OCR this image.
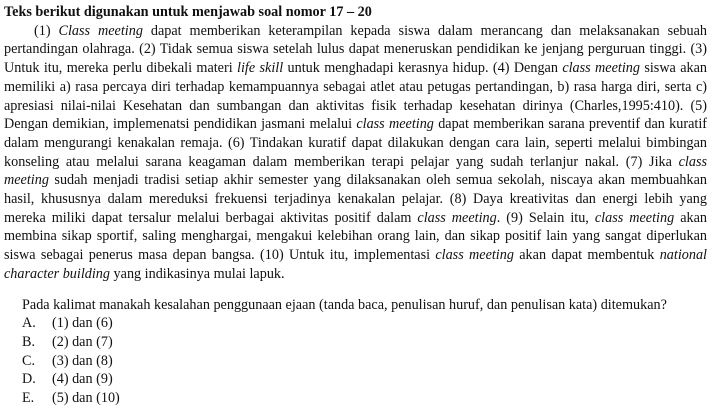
Teks berikut digunakan untuk menjawab soal nomor 17 – 20

(1) Class meeting dapat memberikan keterampilan kepada siswa dalam merancang dan melaksanakan sebuah pertandingan olahraga. (2) Tidak semua siswa setelah lulus dapat meneruskan pendidikan ke jenjang perguruan tinggi. (3) Untuk itu, mereka perlu dibekali materi life skill untuk menghadapi kerasnya hidup. (4) Dengan class meeting siswa akan memiliki a) rasa percaya diri terhadap kemampuannya sebagai atlet atau petugas pertandingan, b) rasa harga diri, serta c) apresiasi nilai-nilai Kesehatan dan sumbangan dan aktivitas fisik terhadap kesehatan dirinya (Charles,1995:410). (5) Dengan demikian, implemenatsi pendidikan jasmani melalui class meeting dapat memberikan sarana preventif dan kuratif dalam mengurangi kenakalan remaja. (6) Tindakan kuratif dapat dilakukan dengan cara lain, seperti melalui bimbingan konseling atau melalui sarana keagaman dalam memberikan terapi pelajar yang sudah terlanjur nakal. (7) Jika class meeting sudah menjadi tradisi setiap akhir semester yang dilaksanakan oleh semua sekolah, niscaya akan membuahkan hasil, khususnya dalam mereduksi frekuensi terjadinya kenakalan pelajar. (8) Daya kreativitas dan energi lebih yang mereka miliki dapat tersalur melalui berbagai aktivitas positif dalam class meeting. (9) Selain itu, class meeting akan membina sikap sportif, saling menghargai, mengakui kelebihan orang lain, dan sikap positif lain yang sangat diperlukan siswa sebagai penerus masa depan bangsa. (10) Untuk itu, implementasi class meeting akan dapat membentuk national character building yang indikasinya mulai lapuk.

Pada kalimat manakah kesalahan penggunaan ejaan (tanda baca, penulisan huruf, dan penulisan kata) ditemukan?

A.	(1) dan (6)
B.	(2) dan (7)
C.	(3) dan (8)
D.	(4) dan (9)
E.	(5) dan (10)
